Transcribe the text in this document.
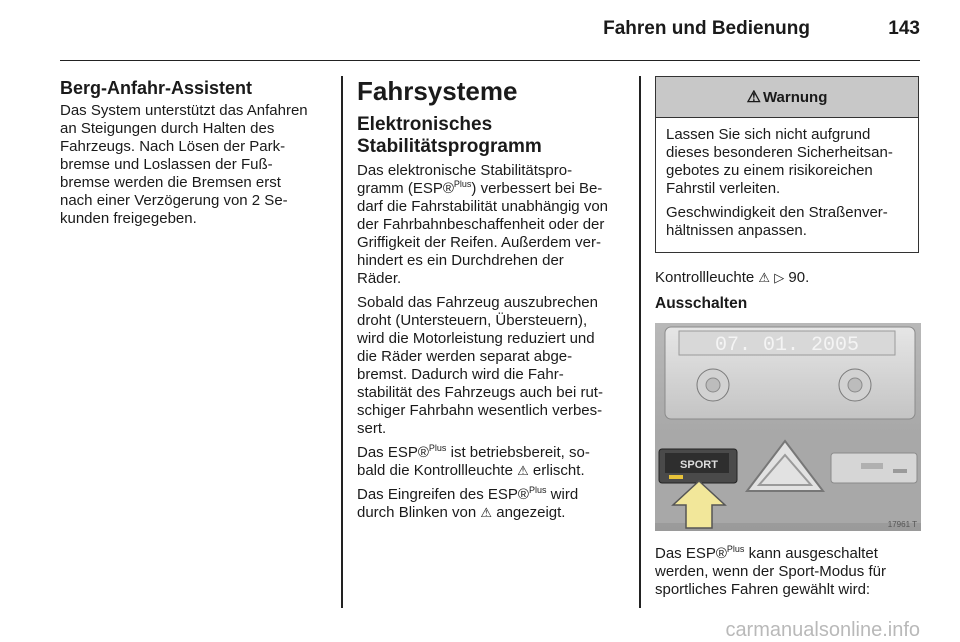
Fahren und Bedienung	143
Berg-Anfahr-Assistent

Das System unterstützt das Anfahren
an Steigungen durch Halten des
Fahrzeugs. Nach Lösen der Park-
bremse und Loslassen der Fuß-
bremse werden die Bremsen erst
nach einer Verzögerung von 2 Se-
kunden freigegeben.

Fahrsysteme
Elektronisches
Stabilitätsprogramm

Das elektronische Stabilitätspro-
gramm (ESP®$^{Plus}$) verbessert bei Be-
darf die Fahrstabilität unabhängig von
der Fahrbahnbeschaffenheit oder der
Griffigkeit der Reifen. Außerdem ver-
hindert es ein Durchdrehen der
Räder.

Sobald das Fahrzeug auszubrechen
droht (Untersteuern, Übersteuern),
wird die Motorleistung reduziert und
die Räder werden separat abge-
bremst. Dadurch wird die Fahr-
stabilität des Fahrzeugs auch bei rut-
schiger Fahrbahn wesentlich verbes-
sert.

Das ESP®$^{Plus}$ ist betriebsbereit, so-
bald die Kontrollleuchte ⚠ erlischt.

Das Eingreifen des ESP®$^{Plus}$ wird
durch Blinken von ⚠ angezeigt.

⚠ Warnung

Lassen Sie sich nicht aufgrund
dieses besonderen Sicherheitsan-
gebotes zu einem risikoreichen
Fahrstil verleiten.

Geschwindigkeit den Straßenver-
hältnissen anpassen.

Kontrollleuchte ⚠ ▷ 90.

Ausschalten
07. 01. 2005
SPORT
17961 T

Das ESP®$^{Plus}$ kann ausgeschaltet
werden, wenn der Sport-Modus für
sportliches Fahren gewählt wird:

carmanualsonline.info
